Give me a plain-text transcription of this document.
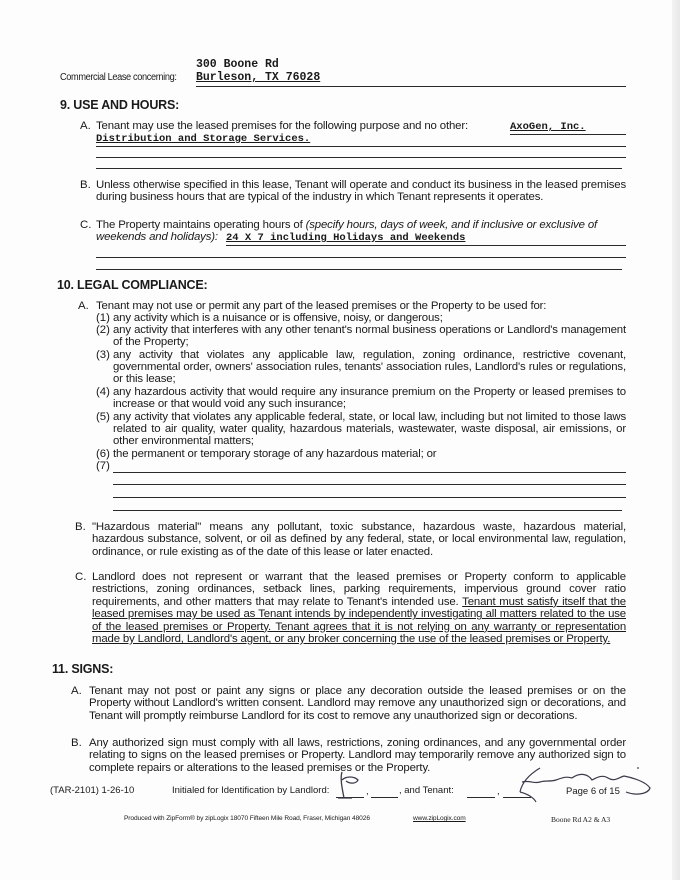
300 Boone Rd
Commercial Lease concerning: Burleson, TX 76028
9. USE AND HOURS:
A. Tenant may use the leased premises for the following purpose and no other:	AxoGen, Inc.
Distribution and Storage Services.
B. Unless otherwise specified in this lease, Tenant will operate and conduct its business in the leased premises during business hours that are typical of the industry in which Tenant represents it operates.
C. The Property maintains operating hours of (specify hours, days of week, and if inclusive or exclusive of
weekends and holidays): 24 X 7 including Holidays and Weekends
10. LEGAL COMPLIANCE:
A. Tenant may not use or permit any part of the leased premises or the Property to be used for:
(1) any activity which is a nuisance or is offensive, noisy, or dangerous;
(2) any activity that interferes with any other tenant's normal business operations or Landlord's management of the Property;
(3) any activity that violates any applicable law, regulation, zoning ordinance, restrictive covenant, governmental order, owners' association rules, tenants' association rules, Landlord's rules or regulations, or this lease;
(4) any hazardous activity that would require any insurance premium on the Property or leased premises to increase or that would void any such insurance;
(5) any activity that violates any applicable federal, state, or local law, including but not limited to those laws related to air quality, water quality, hazardous materials, wastewater, waste disposal, air emissions, or other environmental matters;
(6) the permanent or temporary storage of any hazardous material; or
(7)
B. "Hazardous material" means any pollutant, toxic substance, hazardous waste, hazardous material, hazardous substance, solvent, or oil as defined by any federal, state, or local environmental law, regulation, ordinance, or rule existing as of the date of this lease or later enacted.
C. Landlord does not represent or warrant that the leased premises or Property conform to applicable restrictions, zoning ordinances, setback lines, parking requirements, impervious ground cover ratio requirements, and other matters that may relate to Tenant's intended use. Tenant must satisfy itself that the leased premises may be used as Tenant intends by independently investigating all matters related to the use of the leased premises or Property. Tenant agrees that it is not relying on any warranty or representation made by Landlord, Landlord's agent, or any broker concerning the use of the leased premises or Property.
11. SIGNS:
A. Tenant may not post or paint any signs or place any decoration outside the leased premises or on the Property without Landlord's written consent. Landlord may remove any unauthorized sign or decorations, and Tenant will promptly reimburse Landlord for its cost to remove any unauthorized sign or decorations.
B. Any authorized sign must comply with all laws, restrictions, zoning ordinances, and any governmental order relating to signs on the leased premises or Property. Landlord may temporarily remove any authorized sign to complete repairs or alterations to the leased premises or the Property.
(TAR-2101) 1-26-10	Initialed for Identification by Landlord:	,	, and Tenant:	,	Page 6 of 15
Produced with ZipForm® by zipLogix 18070 Fifteen Mile Road, Fraser, Michigan 48026	www.zipLogix.com	Boone Rd A2 & A3
